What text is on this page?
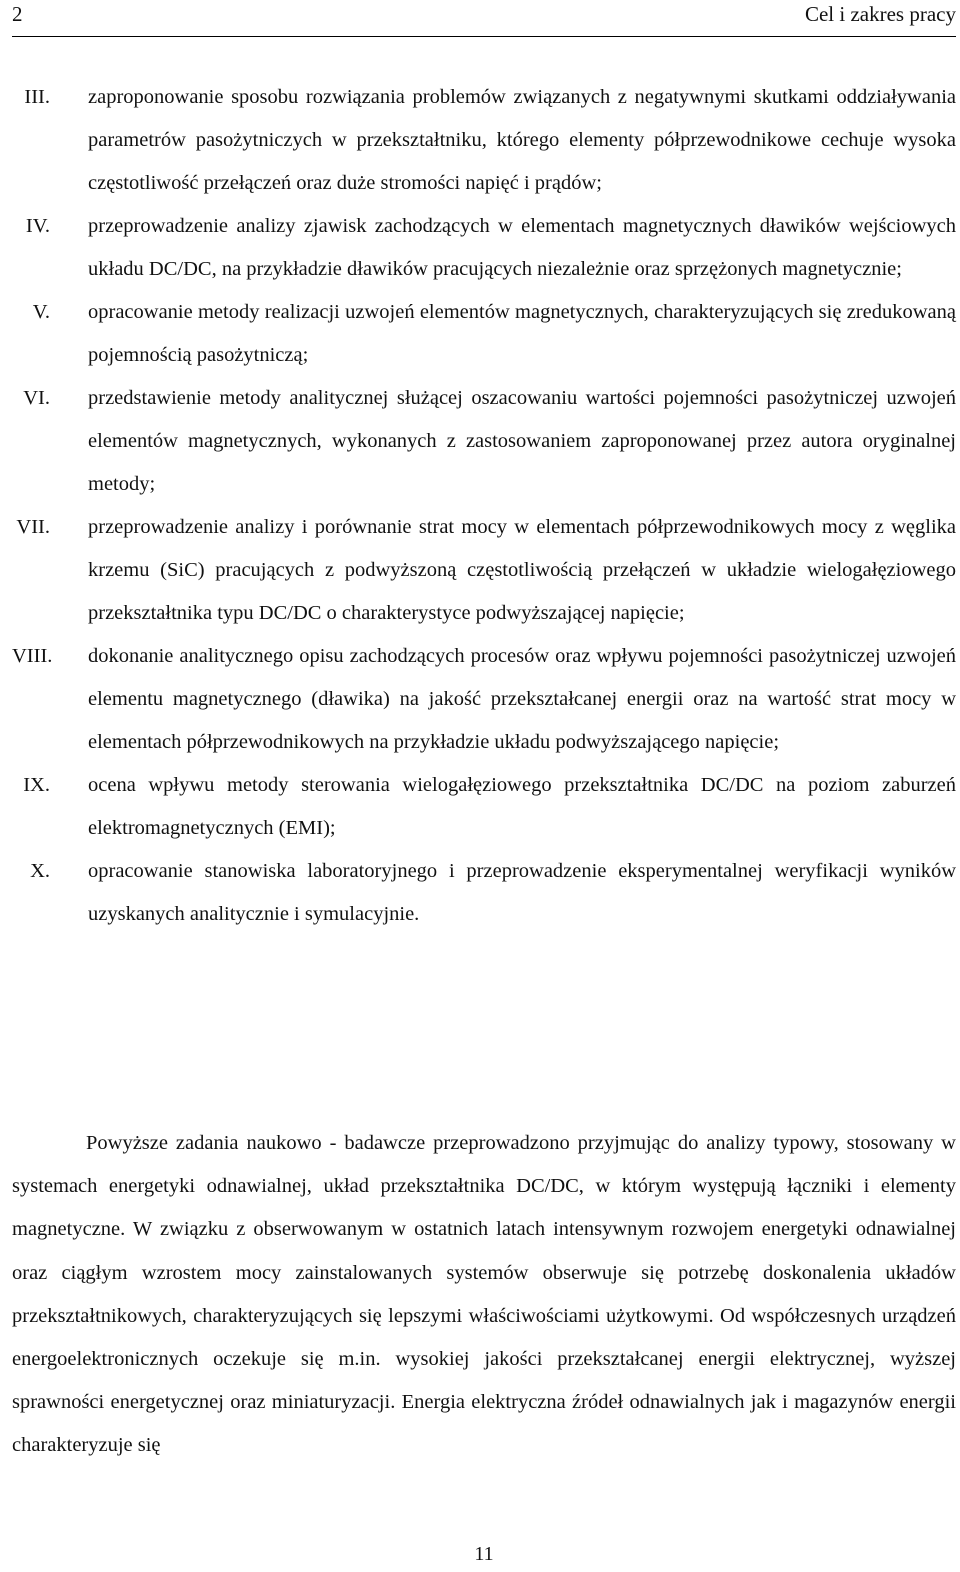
2	Cel i zakres pracy
III. zaproponowanie sposobu rozwiązania problemów związanych z negatywnymi skutkami oddziaływania parametrów pasożytniczych w przekształtniku, którego elementy półprzewodnikowe cechuje wysoka częstotliwość przełączeń oraz duże stromości napięć i prądów;
IV. przeprowadzenie analizy zjawisk zachodzących w elementach magnetycznych dławików wejściowych układu DC/DC, na przykładzie dławików pracujących niezależnie oraz sprzężonych magnetycznie;
V. opracowanie metody realizacji uzwojeń elementów magnetycznych, charakteryzujących się zredukowaną pojemnością pasożytniczą;
VI. przedstawienie metody analitycznej służącej oszacowaniu wartości pojemności pasożytniczej uzwojeń elementów magnetycznych, wykonanych z zastosowaniem zaproponowanej przez autora oryginalnej metody;
VII. przeprowadzenie analizy i porównanie strat mocy w elementach półprzewodnikowych mocy z węglika krzemu (SiC) pracujących z podwyższoną częstotliwością przełączeń w układzie wielogałęziowego przekształtnika typu DC/DC o charakterystyce podwyższającej napięcie;
VIII. dokonanie analitycznego opisu zachodzących procesów oraz wpływu pojemności pasożytniczej uzwojeń elementu magnetycznego (dławika) na jakość przekształcanej energii oraz na wartość strat mocy w elementach półprzewodnikowych na przykładzie układu podwyższającego napięcie;
IX. ocena wpływu metody sterowania wielogałęziowego przekształtnika DC/DC na poziom zaburzeń elektromagnetycznych (EMI);
X. opracowanie stanowiska laboratoryjnego i przeprowadzenie eksperymentalnej weryfikacji wyników uzyskanych analitycznie i symulacyjnie.

Powyższe zadania naukowo - badawcze przeprowadzono przyjmując do analizy typowy, stosowany w systemach energetyki odnawialnej, układ przekształtnika DC/DC, w którym występują łączniki i elementy magnetyczne. W związku z obserwowanym w ostatnich latach intensywnym rozwojem energetyki odnawialnej oraz ciągłym wzrostem mocy zainstalowanych systemów obserwuje się potrzebę doskonalenia układów przekształtnikowych, charakteryzujących się lepszymi właściwościami użytkowymi. Od współczesnych urządzeń energoelektronicznych oczekuje się m.in. wysokiej jakości przekształcanej energii elektrycznej, wyższej sprawności energetycznej oraz miniaturyzacji. Energia elektryczna źródeł odnawialnych jak i magazynów energii charakteryzuje się

11
